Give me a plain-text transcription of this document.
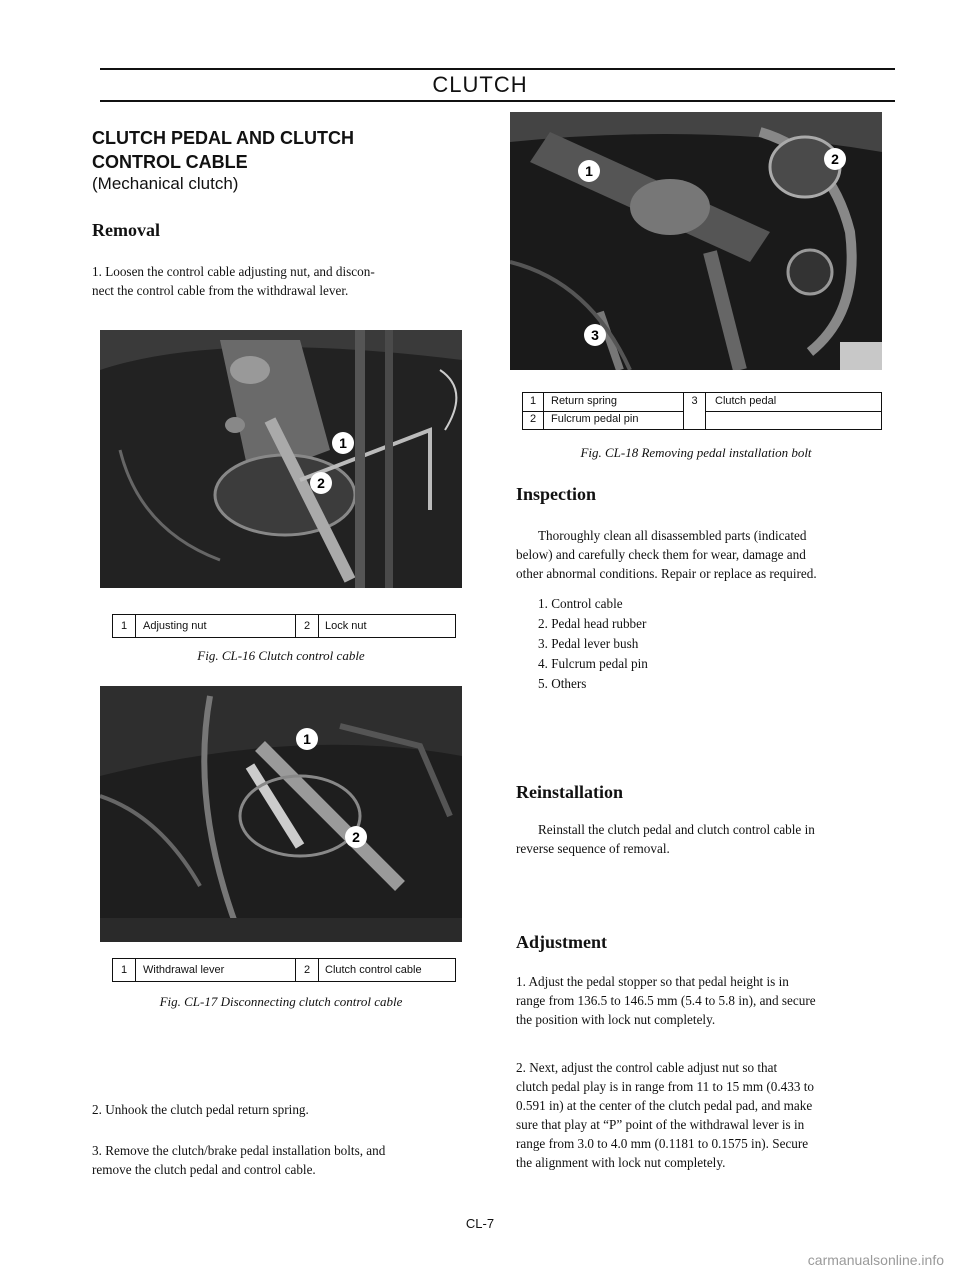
CLUTCH
CLUTCH PEDAL AND CLUTCH
CONTROL CABLE
(Mechanical clutch)
Removal
1. Loosen the control cable adjusting nut, and discon-
nect the control cable from the withdrawal lever.
1
2
1	Adjusting nut	2	Lock nut
Fig. CL-16 Clutch control cable
1
2
1	Withdrawal lever	2	Clutch control cable
Fig. CL-17 Disconnecting clutch control cable
2. Unhook the clutch pedal return spring.
3. Remove the clutch/brake pedal installation bolts, and
remove the clutch pedal and control cable.
1
2
3
1	Return spring
2	Fulcrum pedal pin
3	Clutch pedal
Fig. CL-18 Removing pedal installation bolt
Inspection
Thoroughly clean all disassembled parts (indicated
below) and carefully check them for wear, damage and
other abnormal conditions. Repair or replace as required.
1. Control cable
2. Pedal head rubber
3. Pedal lever bush
4. Fulcrum pedal pin
5. Others
Reinstallation
Reinstall the clutch pedal and clutch control cable in
reverse sequence of removal.
Adjustment
1. Adjust the pedal stopper so that pedal height is in
range from 136.5 to 146.5 mm (5.4 to 5.8 in), and secure
the position with lock nut completely.
2. Next, adjust the control cable adjust nut so that
clutch pedal play is in range from 11 to 15 mm (0.433 to
0.591 in) at the center of the clutch pedal pad, and make
sure that play at “P” point of the withdrawal lever is in
range from 3.0 to 4.0 mm (0.1181 to 0.1575 in). Secure
the alignment with lock nut completely.
CL-7
carmanualsonline.info
